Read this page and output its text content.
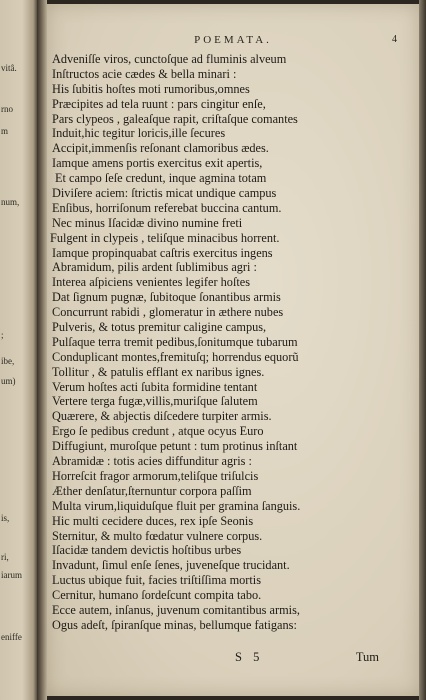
vitâ.
rno
m
num,
;
ibe,
um)
is,
ri,
iarum
eniffe
POEMATA.	4
Adveniſſe viros, cunctoſque ad fluminis alveum
Inſtructos acie cædes & bella minari :
His ſubitis hoſtes moti rumoribus,omnes
Præcipites ad tela ruunt : pars cingitur enſe,
Pars clypeos , galeaſque rapit, criſtaſque comantes
Induit,hic tegitur loricis,ille ſecures
Accipit,immenſis reſonant clamoribus ædes.
Iamque amens portis exercitus exit apertis,
Et campo ſeſe credunt, inque agmina totam
Diviſere aciem: ſtrictis micat undique campus
Enſibus, horriſonum referebat buccina cantum.
Nec minus Iſacidæ divino numine freti
Fulgent in clypeis , teliſque minacibus horrent.
Iamque propinquabat caſtris exercitus ingens
Abramidum, pilis ardent ſublimibus agri :
Interea aſpiciens venientes legifer hoſtes
Dat ſignum pugnæ, ſubitoque ſonantibus armis
Concurrunt rabidi , glomeratur in æthere nubes
Pulveris, & totus premitur caligine campus,
Pulſaque terra tremit pedibus,ſonitumque tubarum
Conduplicant montes,fremituſq; horrendus equorũ
Tollitur , & patulis efflant ex naribus ignes.
Verum hoſtes acti ſubita formidine tentant
Vertere terga fugæ,villis,muriſque ſalutem
Quærere, & abjectis diſcedere turpiter armis.
Ergo ſe pedibus credunt , atque ocyus Euro
Diffugiunt, muroſque petunt : tum protinus inſtant
Abramidæ : totis acies diffunditur agris :
Horreſcit fragor armorum,teliſque triſulcis
Æther denſatur,ſternuntur corpora paſſim
Multa virum,liquiduſque fluit per gramina ſanguis.
Hic multi cecidere duces, rex ipſe Seonis
Sternitur, & multo fœdatur vulnere corpus.
Iſacidæ tandem devictis hoſtibus urbes
Invadunt, ſimul enſe ſenes, juveneſque trucidant.
Luctus ubique fuit, facies triſtiſſima mortis
Cernitur, humano ſordeſcunt compita tabo.
Ecce autem, inſanus, juvenum comitantibus armis,
Ogus adeſt, ſpiranſque minas, bellumque fatigans:
S 5	Tum
